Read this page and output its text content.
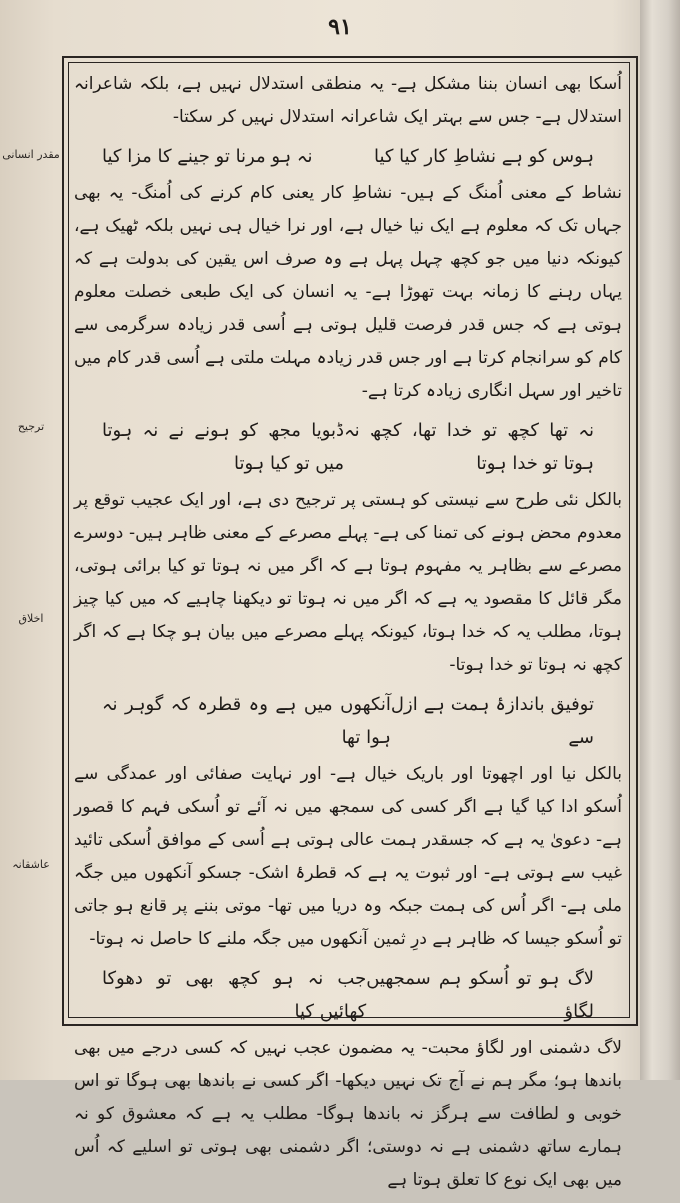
۹۱
مقدر انسانی
ترجیح
اخلاق
عاشقانہ

اُسکا بھی انسان بننا مشکل ہے- یہ منطقی استدلال نہیں ہے، بلکہ شاعرانہ استدلال ہے- جس سے بہتر ایک شاعرانہ استدلال نہیں کر سکتا-

ہوس کو ہے نشاطِ کار کیا کیا
نہ ہو مرنا تو جینے کا مزا کیا

نشاط کے معنی اُمنگ کے ہیں- نشاطِ کار یعنی کام کرنے کی اُمنگ- یہ بھی جہاں تک کہ معلوم ہے ایک نیا خیال ہے، اور نرا خیال ہی نہیں بلکہ ٹھیک ہے، کیونکہ دنیا میں جو کچھ چہل پہل ہے وہ صرف اس یقین کی بدولت ہے کہ یہاں رہنے کا زمانہ بہت تھوڑا ہے- یہ انسان کی ایک طبعی خصلت معلوم ہوتی ہے کہ جس قدر فرصت قلیل ہوتی ہے اُسی قدر زیادہ سرگرمی سے کام کو سرانجام کرتا ہے اور جس قدر زیادہ مہلت ملتی ہے اُسی قدر کام میں تاخیر اور سہل انگاری زیادہ کرتا ہے-

نہ تھا کچھ تو خدا تھا، کچھ نہ ہوتا تو خدا ہوتا
ڈبویا مجھ کو ہونے نے نہ ہوتا میں تو کیا ہوتا

بالکل نئی طرح سے نیستی کو ہستی پر ترجیح دی ہے، اور ایک عجیب توقع پر معدوم محض ہونے کی تمنا کی ہے- پہلے مصرعے کے معنی ظاہر ہیں- دوسرے مصرعے سے بظاہر یہ مفہوم ہوتا ہے کہ اگر میں نہ ہوتا تو کیا برائی ہوتی، مگر قائل کا مقصود یہ ہے کہ اگر میں نہ ہوتا تو دیکھنا چاہیے کہ میں کیا چیز ہوتا، مطلب یہ کہ خدا ہوتا، کیونکہ پہلے مصرعے میں بیان ہو چکا ہے کہ اگر کچھ نہ ہوتا تو خدا ہوتا-

توفیق باندازۂ ہمت ہے ازل سے
آنکھوں میں ہے وہ قطرہ کہ گوہر نہ ہوا تھا

بالکل نیا اور اچھوتا اور باریک خیال ہے- اور نہایت صفائی اور عمدگی سے اُسکو ادا کیا گیا ہے اگر کسی کی سمجھ میں نہ آئے تو اُسکی فہم کا قصور ہے- دعویٰ یہ ہے کہ جسقدر ہمت عالی ہوتی ہے اُسی کے موافق اُسکی تائید غیب سے ہوتی ہے- اور ثبوت یہ ہے کہ قطرۂ اشک- جسکو آنکھوں میں جگہ ملی ہے- اگر اُس کی ہمت جبکہ وہ دریا میں تھا- موتی بننے پر قانع ہو جاتی تو اُسکو جیسا کہ ظاہر ہے درِ ثمین آنکھوں میں جگہ ملنے کا حاصل نہ ہوتا-

لاگ ہو تو اُسکو ہم سمجھیں لگاؤ
جب نہ ہو کچھ بھی تو دھوکا کھائیں کیا

لاگ دشمنی اور لگاؤ محبت- یہ مضمون عجب نہیں کہ کسی درجے میں بھی باندھا ہو؛ مگر ہم نے آج تک نہیں دیکھا- اگر کسی نے باندھا بھی ہوگا تو اس خوبی و لطافت سے ہرگز نہ باندھا ہوگا- مطلب یہ ہے کہ معشوق کو نہ ہمارے ساتھ دشمنی ہے نہ دوستی؛ اگر دشمنی بھی ہوتی تو اسلیے کہ اُس میں بھی ایک نوع کا تعلق ہوتا ہے
